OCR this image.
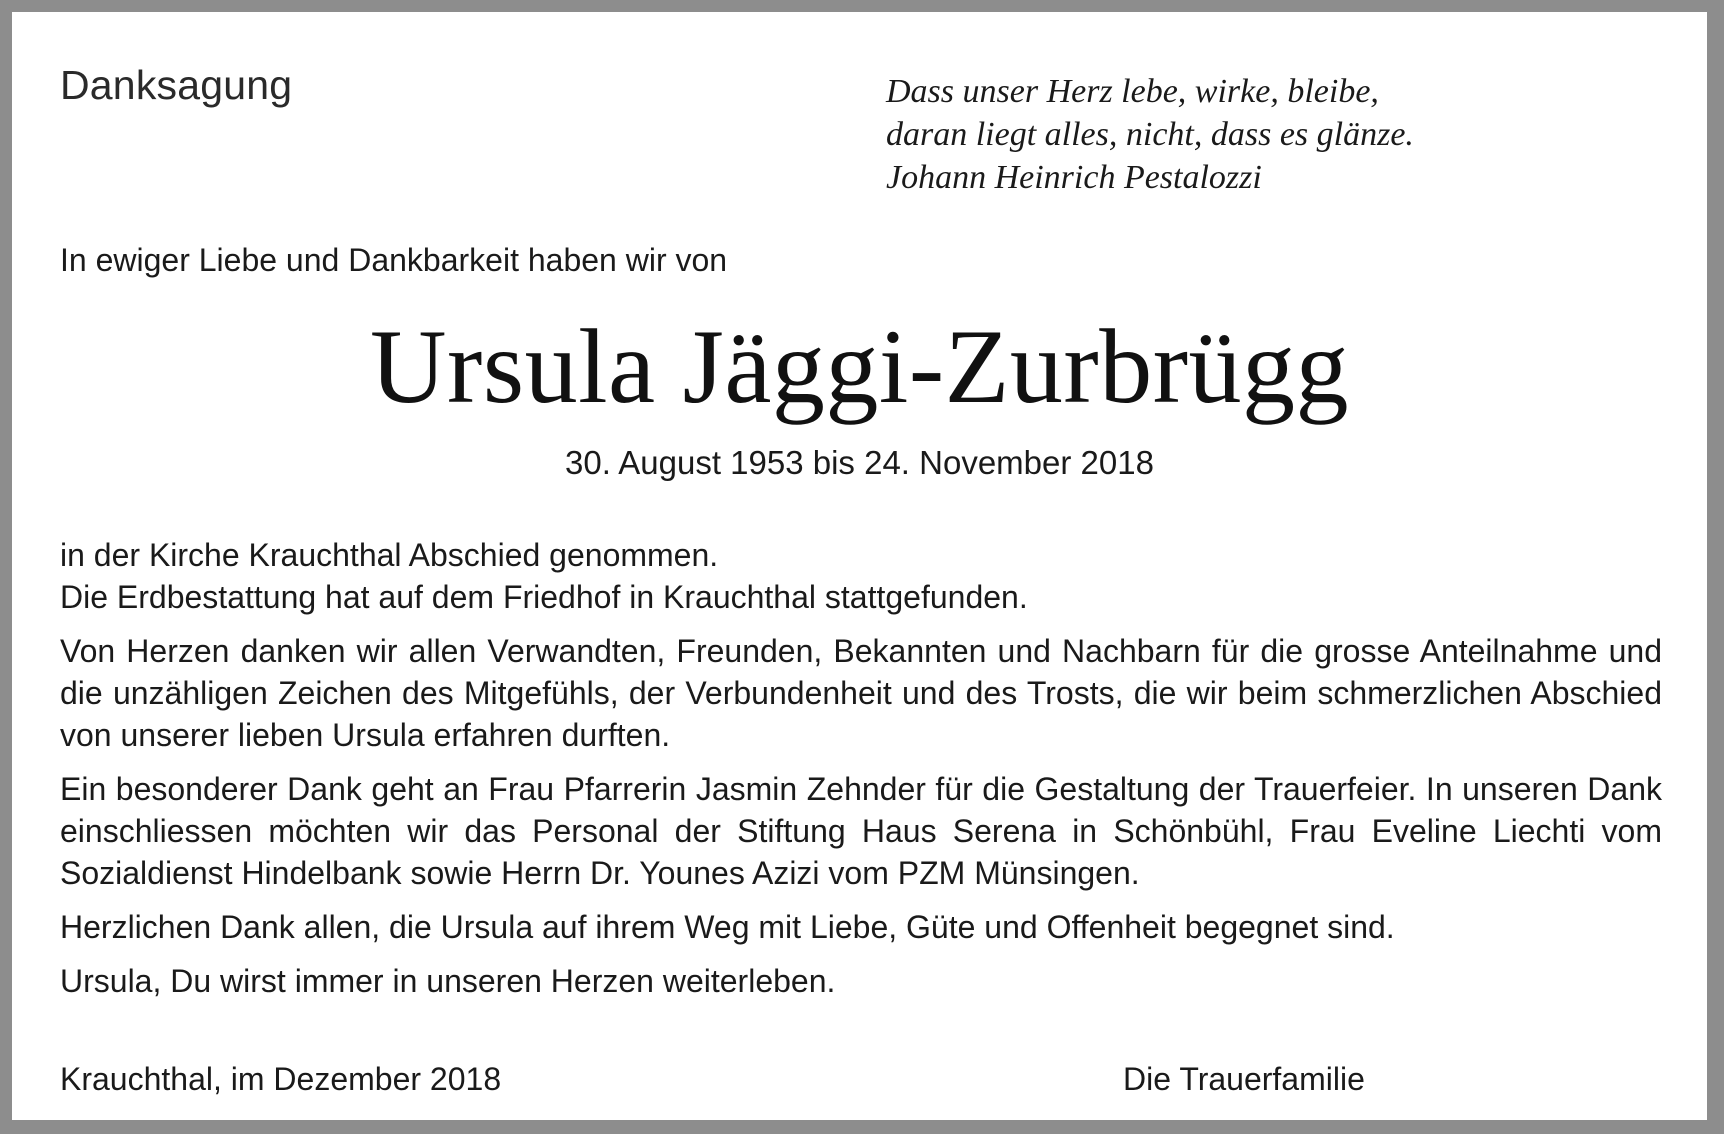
Danksagung	Dass unser Herz lebe, wirke, bleibe,
daran liegt alles, nicht, dass es glänze.
Johann Heinrich Pestalozzi
In ewiger Liebe und Dankbarkeit haben wir von
Ursula Jäggi-Zurbrügg
30. August 1953 bis 24. November 2018

in der Kirche Krauchthal Abschied genommen.
Die Erdbestattung hat auf dem Friedhof in Krauchthal stattgefunden.

Von Herzen danken wir allen Verwandten, Freunden, Bekannten und Nachbarn für die grosse Anteilnahme und die unzähligen Zeichen des Mitgefühls, der Verbundenheit und des Trosts, die wir beim schmerzlichen Abschied von unserer lieben Ursula erfahren durften.

Ein besonderer Dank geht an Frau Pfarrerin Jasmin Zehnder für die Gestaltung der Trauerfeier. In unseren Dank einschliessen möchten wir das Personal der Stiftung Haus Serena in Schönbühl, Frau Eveline Liechti vom Sozialdienst Hindelbank sowie Herrn Dr. Younes Azizi vom PZM Münsingen.

Herzlichen Dank allen, die Ursula auf ihrem Weg mit Liebe, Güte und Offenheit begegnet sind.

Ursula, Du wirst immer in unseren Herzen weiterleben.

Krauchthal, im Dezember 2018	Die Trauerfamilie
